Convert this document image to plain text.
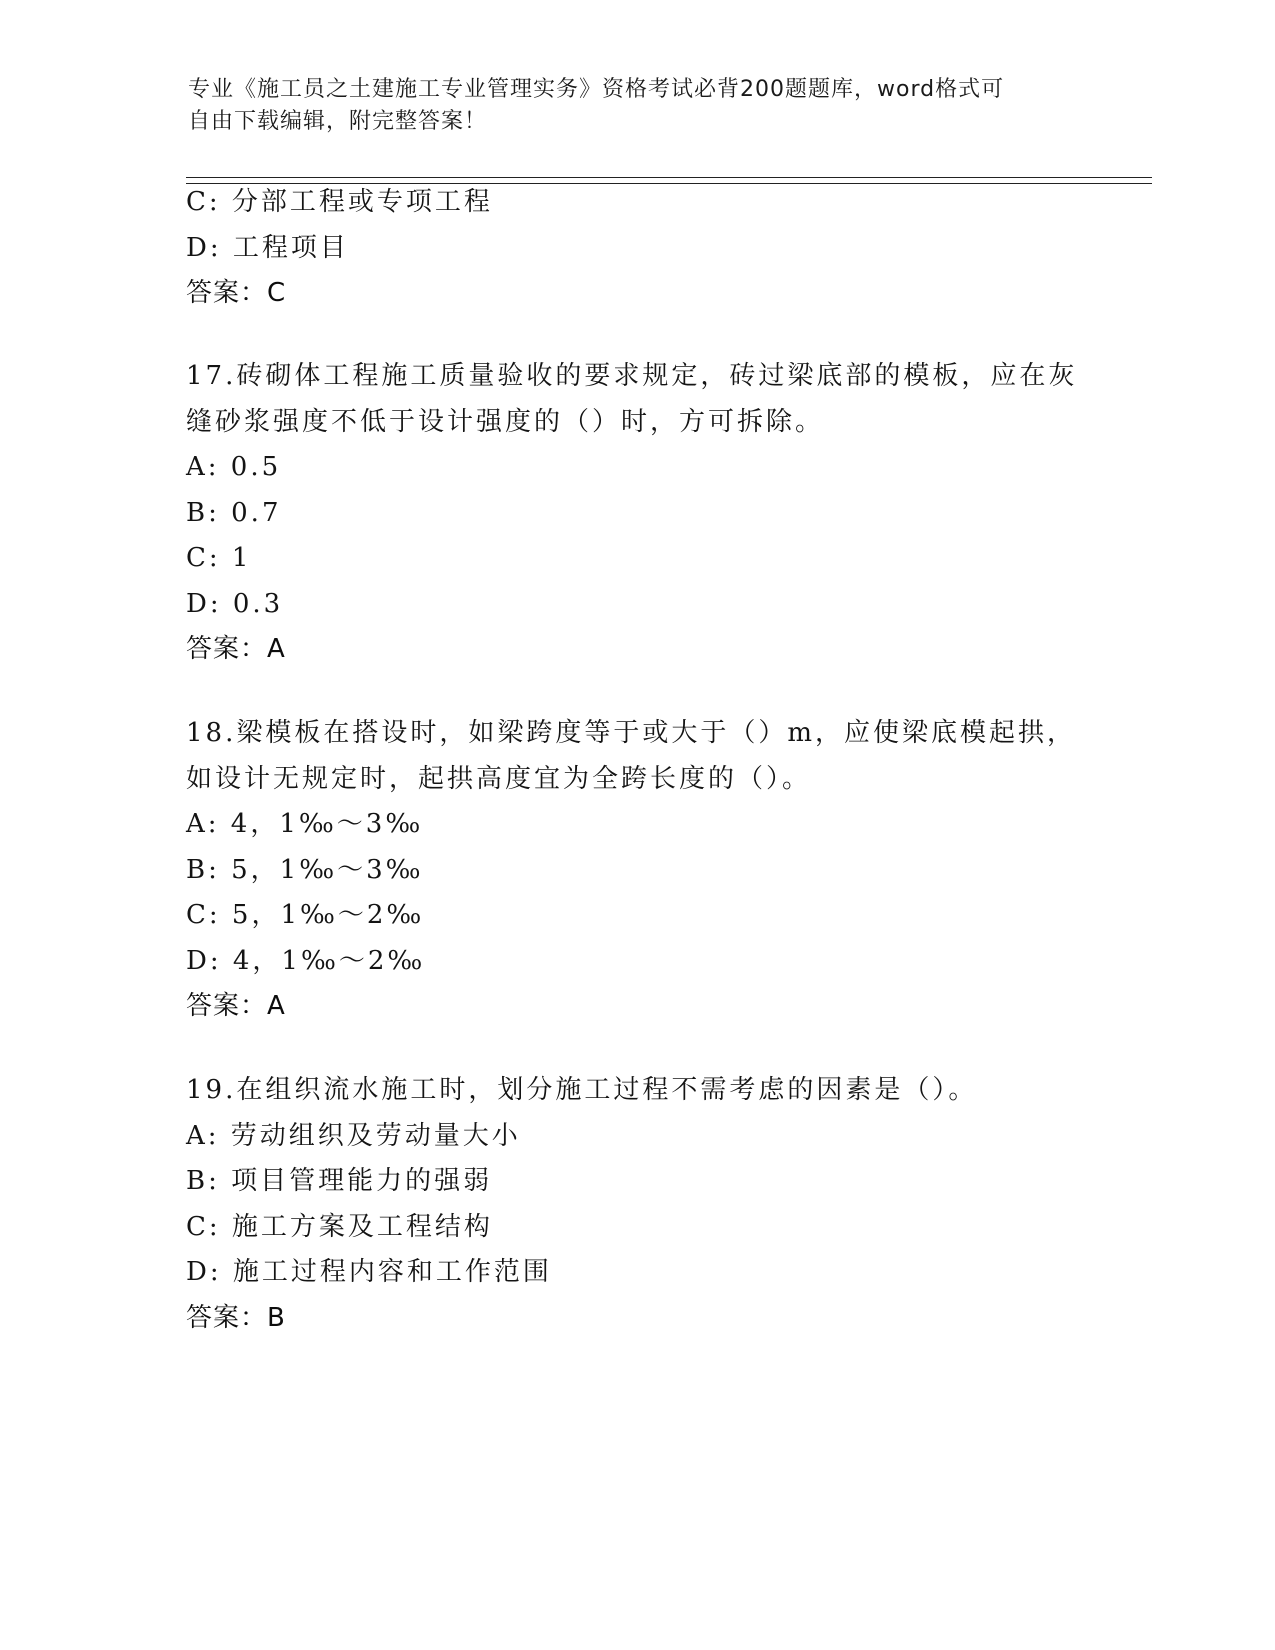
专业《施工员之土建施工专业管理实务》资格考试必背200题题库，word格式可
自由下载编辑，附完整答案！
C: 分部工程或专项工程
D: 工程项目
答案：C
17.砖砌体工程施工质量验收的要求规定，砖过梁底部的模板，应在灰
缝砂浆强度不低于设计强度的（）时，方可拆除。
A: 0.5
B: 0.7
C: 1
D: 0.3
答案：A
18.梁模板在搭设时，如梁跨度等于或大于（）m，应使梁底模起拱，
如设计无规定时，起拱高度宜为全跨长度的（）。
A: 4，1‰～3‰
B: 5，1‰～3‰
C: 5，1‰～2‰
D: 4，1‰～2‰
答案：A
19.在组织流水施工时，划分施工过程不需考虑的因素是（）。
A: 劳动组织及劳动量大小
B: 项目管理能力的强弱
C: 施工方案及工程结构
D: 施工过程内容和工作范围
答案：B
